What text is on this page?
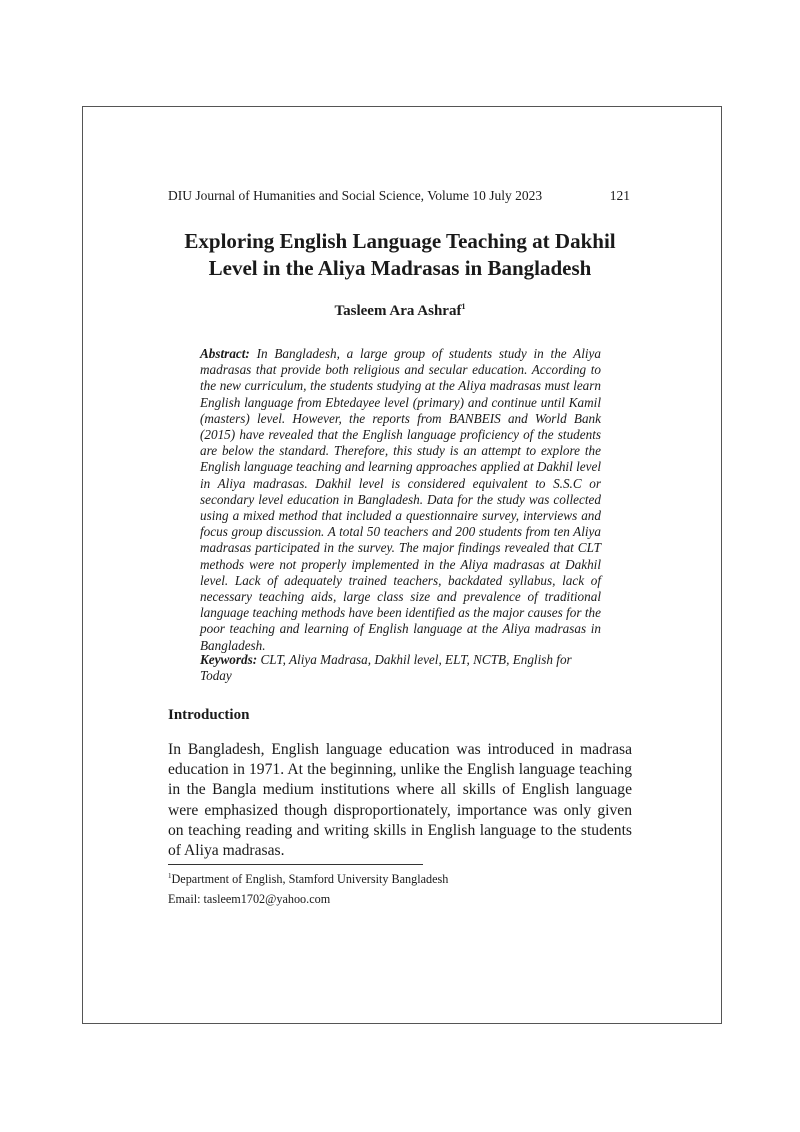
DIU Journal of Humanities and Social Science, Volume 10 July 2023	121
Exploring English Language Teaching at Dakhil Level in the Aliya Madrasas in Bangladesh
Tasleem Ara Ashraf$^1$
Abstract: In Bangladesh, a large group of students study in the Aliya madrasas that provide both religious and secular education. According to the new curriculum, the students studying at the Aliya madrasas must learn English language from Ebtedayee level (primary) and continue until Kamil (masters) level. However, the reports from BANBEIS and World Bank (2015) have revealed that the English language proficiency of the students are below the standard. Therefore, this study is an attempt to explore the English language teaching and learning approaches applied at Dakhil level in Aliya madrasas. Dakhil level is considered equivalent to S.S.C or secondary level education in Bangladesh. Data for the study was collected using a mixed method that included a questionnaire survey, interviews and focus group discussion. A total 50 teachers and 200 students from ten Aliya madrasas participated in the survey. The major findings revealed that CLT methods were not properly implemented in the Aliya madrasas at Dakhil level. Lack of adequately trained teachers, backdated syllabus, lack of necessary teaching aids, large class size and prevalence of traditional language teaching methods have been identified as the major causes for the poor teaching and learning of English language at the Aliya madrasas in Bangladesh.
Keywords: CLT, Aliya Madrasa, Dakhil level, ELT, NCTB, English for Today
Introduction
In Bangladesh, English language education was introduced in madrasa education in 1971. At the beginning, unlike the English language teaching in the Bangla medium institutions where all skills of English language were emphasized though disproportionately, importance was only given on teaching reading and writing skills in English language to the students of Aliya madrasas.
$^1$Department of English, Stamford University Bangladesh
Email: tasleem1702@yahoo.com
